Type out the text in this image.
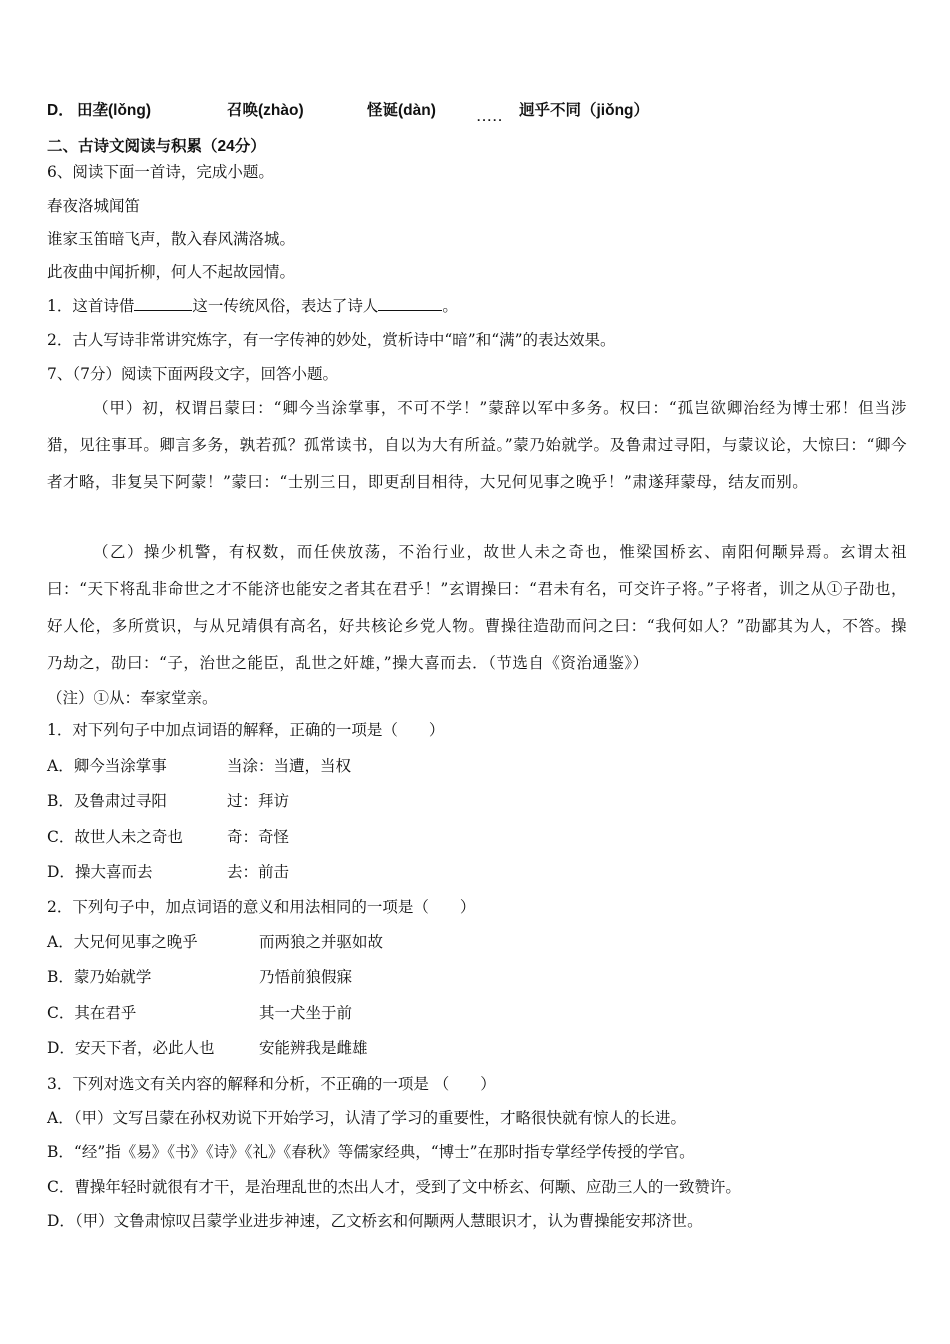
D． 田垄(lǒng)	召唤(zhào)	怪诞(dàn)	..... 迥乎不同（jiǒng）
二、古诗文阅读与积累（24分）
6、阅读下面一首诗，完成小题。
春夜洛城闻笛
谁家玉笛暗飞声，散入春风满洛城。
此夜曲中闻折柳，何人不起故园情。
1．这首诗借	这一传统风俗，表达了诗人	。
2．古人写诗非常讲究炼字，有一字传神的妙处，赏析诗中“暗”和“满”的表达效果。
7、（7分）阅读下面两段文字，回答小题。
（甲）初，权谓吕蒙曰：“卿今当涂掌事，不可不学！”蒙辞以军中多务。权曰：“孤岂欲卿治经为博士邪！但当涉猎，见往事耳。卿言多务，孰若孤？孤常读书，自以为大有所益。”蒙乃始就学。及鲁肃过寻阳，与蒙议论，大惊曰：“卿今者才略，非复吴下阿蒙！”蒙曰：“士别三日，即更刮目相待，大兄何见事之晚乎！”肃遂拜蒙母，结友而别。
（乙）操少机警，有权数，而任侠放荡，不治行业，故世人未之奇也，惟梁国桥玄、南阳何颙异焉。玄谓太祖曰：“天下将乱非命世之才不能济也能安之者其在君乎！”玄谓操曰：“君未有名，可交许子将。”子将者，训之从①子劭也，好人伦，多所赏识，与从兄靖俱有高名，好共核论乡党人物。曹操往造劭而问之曰：“我何如人？”劭鄙其为人，不答。操乃劫之，劭曰：“子，治世之能臣，乱世之奸雄，”操大喜而去．（节选自《资治通鉴》）
（注）①从：奉家堂亲。
1．对下列句子中加点词语的解释，正确的一项是（　　）
A．卿今当涂掌事	当涂：当遭，当权
B．及鲁肃过寻阳	过：拜访
C．故世人未之奇也	奇：奇怪
D．操大喜而去	去：前击
2．下列句子中，加点词语的意义和用法相同的一项是（　　）
A．大兄何见事之晚乎	而两狼之并驱如故
B．蒙乃始就学	乃悟前狼假寐
C．其在君乎	其一犬坐于前
D．安天下者，必此人也	安能辨我是雌雄
3．下列对选文有关内容的解释和分析，不正确的一项是 （　　）
A．（甲）文写吕蒙在孙权劝说下开始学习，认清了学习的重要性，才略很快就有惊人的长进。
B．“经”指《易》《书》《诗》《礼》《春秋》等儒家经典，“博士”在那时指专掌经学传授的学官。
C．曹操年轻时就很有才干，是治理乱世的杰出人才，受到了文中桥玄、何颙、应劭三人的一致赞许。
D．（甲）文鲁肃惊叹吕蒙学业进步神速，乙文桥玄和何颙两人慧眼识才，认为曹操能安邦济世。
